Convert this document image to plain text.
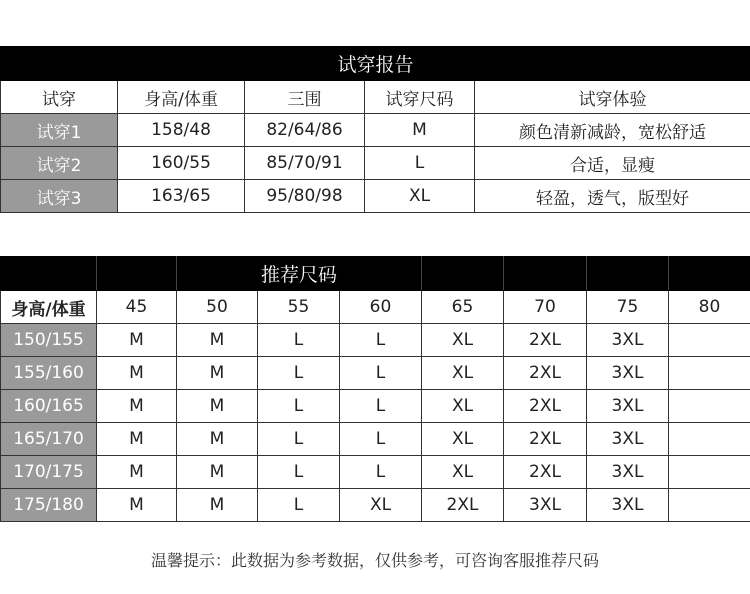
试穿报告				
试穿	身高/体重	三围	试穿尺码	试穿体验
试穿1	158/48	82/64/86	M	颜色清新减龄，宽松舒适
试穿2	160/55	85/70/91	L	合适，显瘦
试穿3	163/65	95/80/98	XL	轻盈，透气，版型好
		推荐尺码						
身高/体重	45	50	55	60	65	70	75	80
150/155	M	M	L	L	XL	2XL	3XL	
155/160	M	M	L	L	XL	2XL	3XL	
160/165	M	M	L	L	XL	2XL	3XL	
165/170	M	M	L	L	XL	2XL	3XL	
170/175	M	M	L	L	XL	2XL	3XL	
175/180	M	M	L	XL	2XL	3XL	3XL	
温馨提示：此数据为参考数据，仅供参考，可咨询客服推荐尺码
